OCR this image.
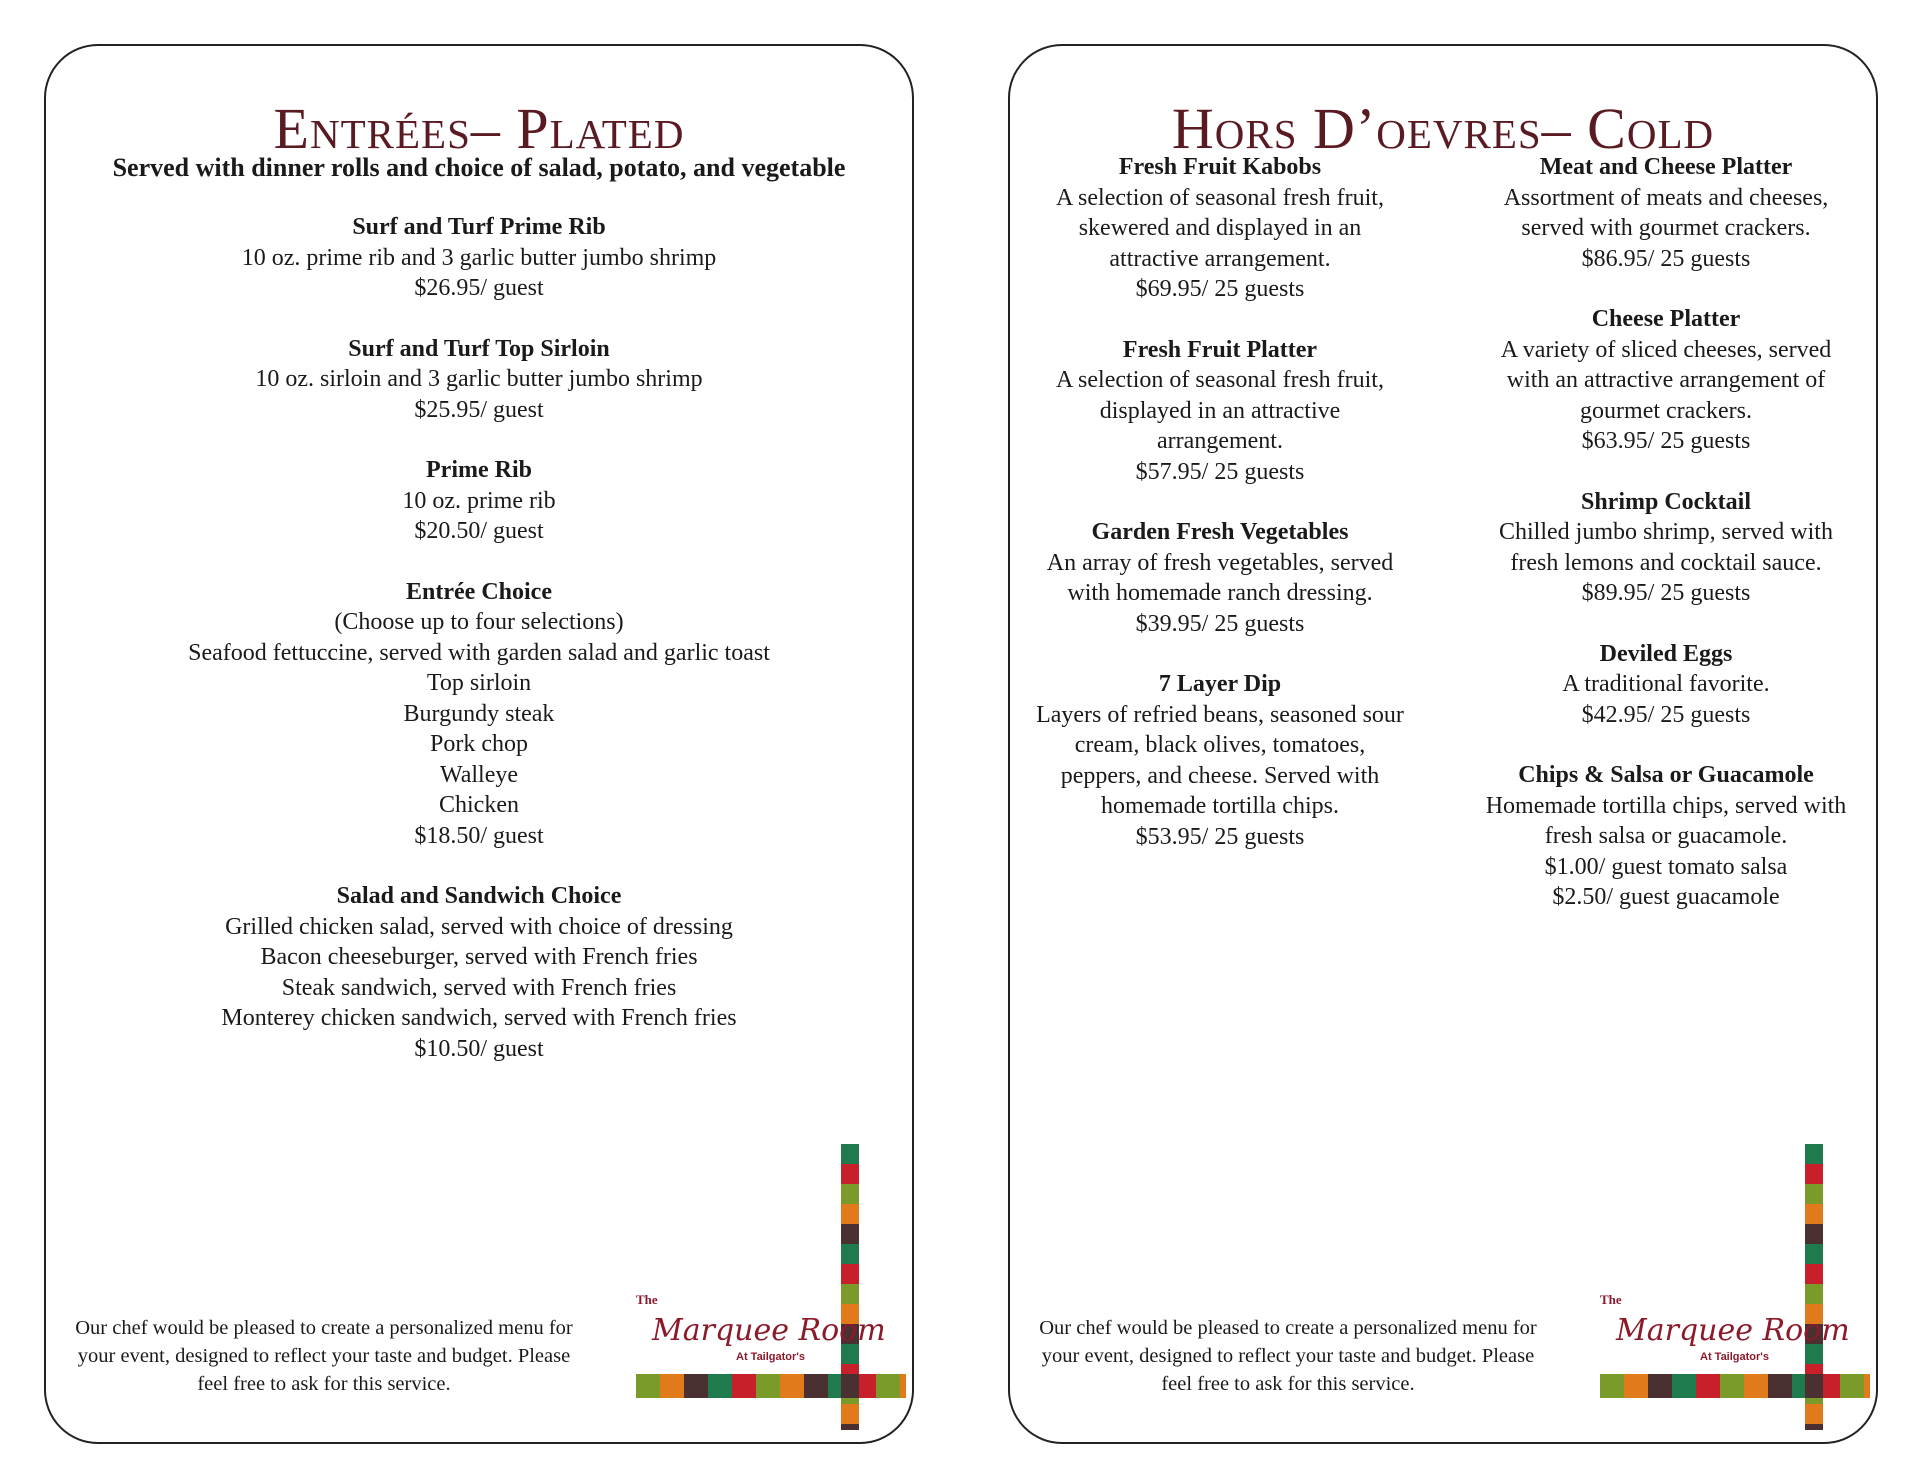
Entrées– Plated
Served with dinner rolls and choice of salad, potato, and vegetable
Surf and Turf Prime Rib
10 oz. prime rib and 3 garlic butter jumbo shrimp
$26.95/ guest
Surf and Turf Top Sirloin
10 oz. sirloin and 3 garlic butter jumbo shrimp
$25.95/ guest
Prime Rib
10 oz. prime rib
$20.50/ guest
Entrée Choice
(Choose up to four selections)
Seafood fettuccine, served with garden salad and garlic toast
Top sirloin
Burgundy steak
Pork chop
Walleye
Chicken
$18.50/ guest
Salad and Sandwich Choice
Grilled chicken salad, served with choice of dressing
Bacon cheeseburger, served with French fries
Steak sandwich, served with French fries
Monterey chicken sandwich, served with French fries
$10.50/ guest
Our chef would be pleased to create a personalized menu for your event, designed to reflect your taste and budget. Please feel free to ask for this service.
The
Marquee Room
At Tailgator's
Hors D’oevres– Cold
Fresh Fruit Kabobs
A selection of seasonal fresh fruit,
skewered and displayed in an
attractive arrangement.
$69.95/ 25 guests
Fresh Fruit Platter
A selection of seasonal fresh fruit,
displayed in an attractive
arrangement.
$57.95/ 25 guests
Garden Fresh Vegetables
An array of fresh vegetables, served
with homemade ranch dressing.
$39.95/ 25 guests
7 Layer Dip
Layers of refried beans, seasoned sour
cream, black olives, tomatoes,
peppers, and cheese. Served with
homemade tortilla chips.
$53.95/ 25 guests
Meat and Cheese Platter
Assortment of meats and cheeses,
served with gourmet crackers.
$86.95/ 25 guests
Cheese Platter
A variety of sliced cheeses, served
with an attractive arrangement of
gourmet crackers.
$63.95/ 25 guests
Shrimp Cocktail
Chilled jumbo shrimp, served with
fresh lemons and cocktail sauce.
$89.95/ 25 guests
Deviled Eggs
A traditional favorite.
$42.95/ 25 guests
Chips & Salsa or Guacamole
Homemade tortilla chips, served with
fresh salsa or guacamole.
$1.00/ guest tomato salsa
$2.50/ guest guacamole
Our chef would be pleased to create a personalized menu for your event, designed to reflect your taste and budget. Please feel free to ask for this service.
The
Marquee Room
At Tailgator's
